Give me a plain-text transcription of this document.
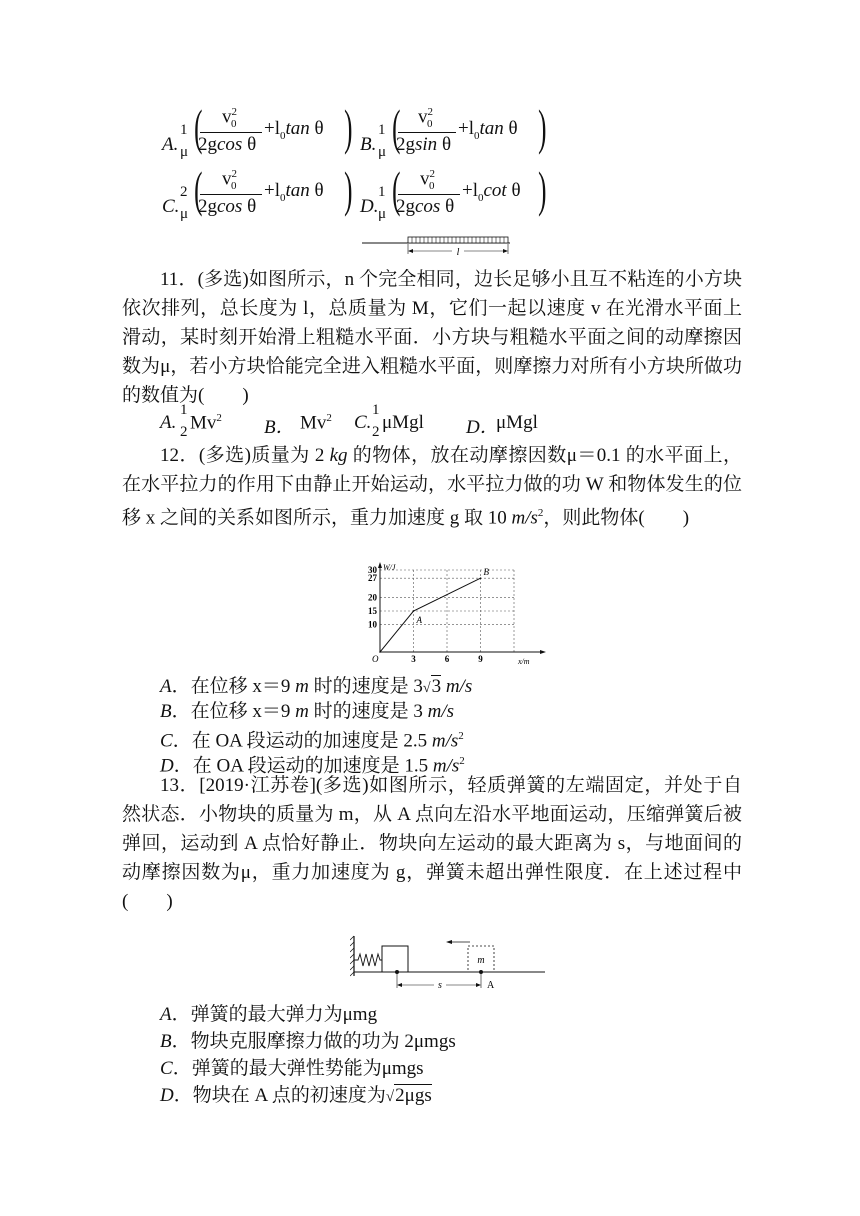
A.
1
μ ( $v^2_0$
2gcos θ
$+l_0\tan$ θ ) B.
1
μ ( $v^2_0$
2gsin θ
$+l_0\tan$ θ )
C.
2
μ ( $v^2_0$
2gcos θ
$+l_0\tan$ θ ) D.
1
μ ( $v^2_0$
2gcos θ
$+l_0\cot$ θ )
l
11．(多选)如图所示，n 个完全相同，边长足够小且互不粘连的小方块依次排列，总长度为 l，总质量为 M，它们一起以速度 v 在光滑水平面上滑动，某时刻开始滑上粗糙水平面．小方块与粗糙水平面之间的动摩擦因数为μ，若小方块恰能完全进入粗糙水平面，则摩擦力对所有小方块所做功的数值为(　　)
A.
1
2 Mv$^2$ B． Mv$^2$ C.
1
2 μMgl D．
μMgl
12．(多选)质量为 2 kg 的物体，放在动摩擦因数μ＝0.1 的水平面上，在水平拉力的作用下由静止开始运动，水平拉力做的功 W 和物体发生的位移 x 之间的关系如图所示，重力加速度 g 取 10 $m/s^2$，则此物体(　　)
3	6	9
10
15
20
27
30
O	x/m
W/J
A
B
A．在位移 x＝9 m 时的速度是 3√3 m/s
B．在位移 x＝9 m 时的速度是 3 m/s
C．在 OA 段运动的加速度是 2.5 $m/s^2$
D．在 OA 段运动的加速度是 1.5 $m/s^2$
13．[2019·江苏卷](多选)如图所示，轻质弹簧的左端固定，并处于自然状态．小物块的质量为 m，从 A 点向左沿水平地面运动，压缩弹簧后被弹回，运动到 A 点恰好静止．物块向左运动的最大距离为 s，与地面间的动摩擦因数为μ，重力加速度为 g，弹簧未超出弹性限度．在上述过程中(　　)
m
s	A
A．弹簧的最大弹力为μmg
B．物块克服摩擦力做的功为 2μmgs
C．弹簧的最大弹性势能为μmgs
D．物块在 A 点的初速度为√2μgs
